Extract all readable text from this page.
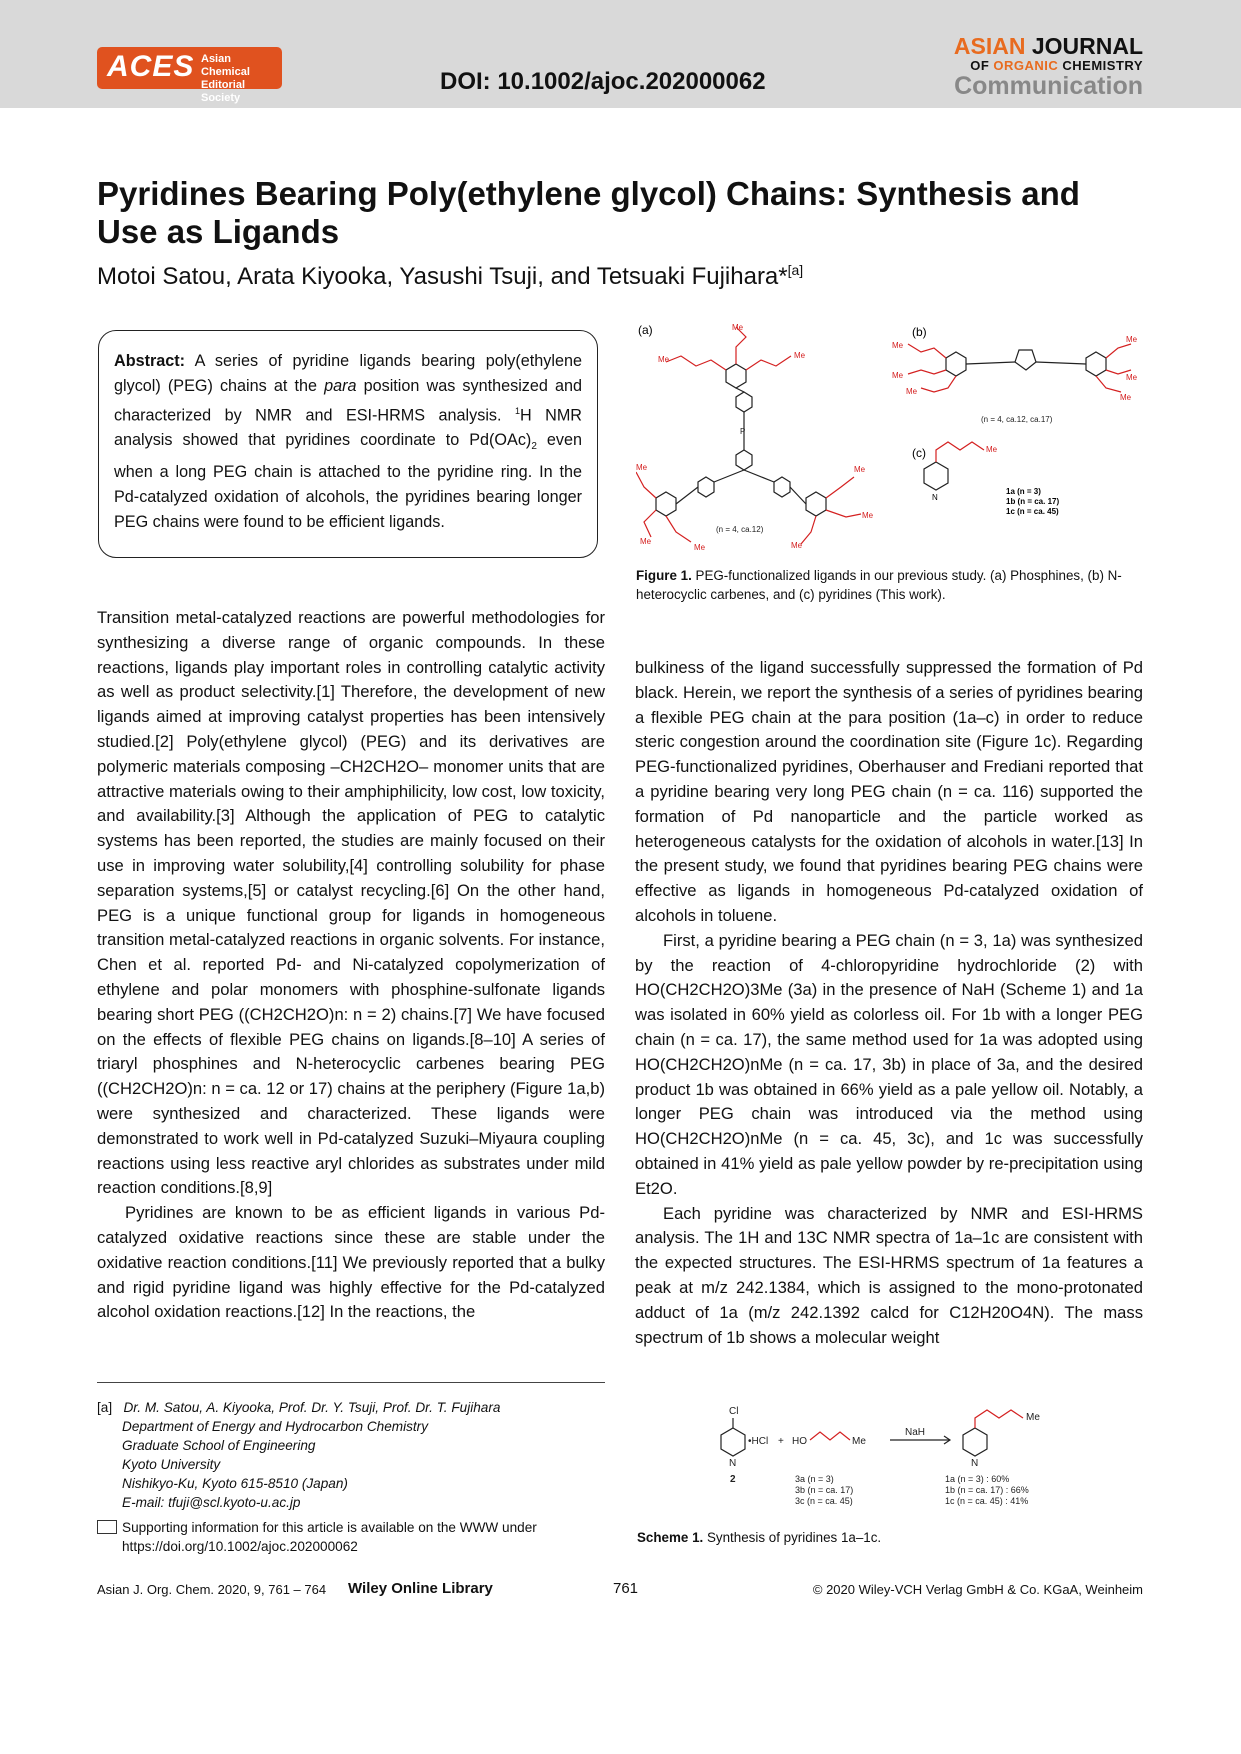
ACES Asian Chemical
Editorial Society
DOI: 10.1002/ajoc.202000062
ASIAN JOURNAL
OF ORGANIC CHEMISTRY
Communication
Pyridines Bearing Poly(ethylene glycol) Chains: Synthesis and Use as Ligands
Motoi Satou, Arata Kiyooka, Yasushi Tsuji, and Tetsuaki Fujihara*[a]
Abstract: A series of pyridine ligands bearing poly(ethylene glycol) (PEG) chains at the para position was synthesized and characterized by NMR and ESI-HRMS analysis. $^1$H NMR analysis showed that pyridines coordinate to $Pd(OAc)_2$ even when a long PEG chain is attached to the pyridine ring. In the Pd-catalyzed oxidation of alcohols, the pyridines bearing longer PEG chains were found to be efficient ligands.
(a)	(b)
(c)
Me
Me
Me
Me
Me
Me
Me
Me
Me
P
(n = 4, ca.12)
Me
Me
Me
Me
Me
Me
(n = 4, ca.12, ca.17)
N
Me
1a (n = 3)
1b (n = ca. 17)
1c (n = ca. 45)
Figure 1. PEG-functionalized ligands in our previous study. (a) Phosphines, (b) N-heterocyclic carbenes, and (c) pyridines (This work).

Transition metal-catalyzed reactions are powerful methodologies for synthesizing a diverse range of organic compounds. In these reactions, ligands play important roles in controlling catalytic activity as well as product selectivity.[1] Therefore, the development of new ligands aimed at improving catalyst properties has been intensively studied.[2] Poly(ethylene glycol) (PEG) and its derivatives are polymeric materials composing –CH2CH2O– monomer units that are attractive materials owing to their amphiphilicity, low cost, low toxicity, and availability.[3] Although the application of PEG to catalytic systems has been reported, the studies are mainly focused on their use in improving water solubility,[4] controlling solubility for phase separation systems,[5] or catalyst recycling.[6] On the other hand, PEG is a unique functional group for ligands in homogeneous transition metal-catalyzed reactions in organic solvents. For instance, Chen et al. reported Pd- and Ni-catalyzed copolymerization of ethylene and polar monomers with phosphine-sulfonate ligands bearing short PEG ((CH2CH2O)n: n = 2) chains.[7] We have focused on the effects of flexible PEG chains on ligands.[8–10] A series of triaryl phosphines and N-heterocyclic carbenes bearing PEG ((CH2CH2O)n: n = ca. 12 or 17) chains at the periphery (Figure 1a,b) were synthesized and characterized. These ligands were demonstrated to work well in Pd-catalyzed Suzuki–Miyaura coupling reactions using less reactive aryl chlorides as substrates under mild reaction conditions.[8,9]

Pyridines are known to be as efficient ligands in various Pd-catalyzed oxidative reactions since these are stable under the oxidative reaction conditions.[11] We previously reported that a bulky and rigid pyridine ligand was highly effective for the Pd-catalyzed alcohol oxidation reactions.[12] In the reactions, the

bulkiness of the ligand successfully suppressed the formation of Pd black. Herein, we report the synthesis of a series of pyridines bearing a flexible PEG chain at the para position (1a–c) in order to reduce steric congestion around the coordination site (Figure 1c). Regarding PEG-functionalized pyridines, Oberhauser and Frediani reported that a pyridine bearing very long PEG chain (n = ca. 116) supported the formation of Pd nanoparticle and the particle worked as heterogeneous catalysts for the oxidation of alcohols in water.[13] In the present study, we found that pyridines bearing PEG chains were effective as ligands in homogeneous Pd-catalyzed oxidation of alcohols in toluene.

First, a pyridine bearing a PEG chain (n = 3, 1a) was synthesized by the reaction of 4-chloropyridine hydrochloride (2) with HO(CH2CH2O)3Me (3a) in the presence of NaH (Scheme 1) and 1a was isolated in 60% yield as colorless oil. For 1b with a longer PEG chain (n = ca. 17), the same method used for 1a was adopted using HO(CH2CH2O)nMe (n = ca. 17, 3b) in place of 3a, and the desired product 1b was obtained in 66% yield as a pale yellow oil. Notably, a longer PEG chain was introduced via the method using HO(CH2CH2O)nMe (n = ca. 45, 3c), and 1c was successfully obtained in 41% yield as pale yellow powder by re-precipitation using Et2O.

Each pyridine was characterized by NMR and ESI-HRMS analysis. The 1H and 13C NMR spectra of 1a–1c are consistent with the expected structures. The ESI-HRMS spectrum of 1a features a peak at m/z 242.1384, which is assigned to the mono-protonated adduct of 1a (m/z 242.1392 calcd for C12H20O4N). The mass spectrum of 1b shows a molecular weight

[a] Dr. M. Satou, A. Kiyooka, Prof. Dr. Y. Tsuji, Prof. Dr. T. Fujihara
Department of Energy and Hydrocarbon Chemistry
Graduate School of Engineering
Kyoto University
Nishikyo-Ku, Kyoto 615-8510 (Japan)
E-mail: tfuji@scl.kyoto-u.ac.jp
Supporting information for this article is available on the WWW under
https://doi.org/10.1002/ajoc.202000062
Cl
N
•HCl + HO	Me
NaH
N
Me
2	3a (n = 3)
3b (n = ca. 17)
3c (n = ca. 45)
1a (n = 3) : 60%
1b (n = ca. 17) : 66%
1c (n = ca. 45) : 41%
Scheme 1. Synthesis of pyridines 1a–1c.
Asian J. Org. Chem. 2020, 9, 761 – 764 Wiley Online Library	761	© 2020 Wiley-VCH Verlag GmbH & Co. KGaA, Weinheim
